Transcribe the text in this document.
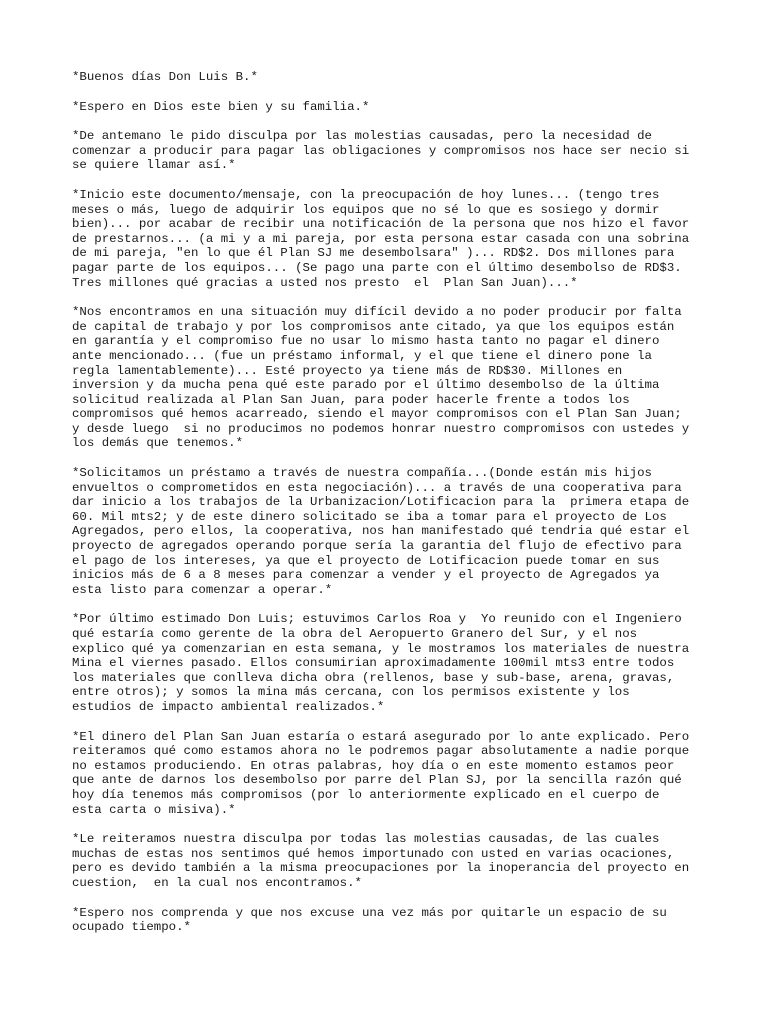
*Buenos días Don Luis B.*

*Espero en Dios este bien y su familia.*

*De antemano le pido disculpa por las molestias causadas, pero la necesidad de
comenzar a producir para pagar las obligaciones y compromisos nos hace ser necio si
se quiere llamar así.*

*Inicio este documento/mensaje, con la preocupación de hoy lunes... (tengo tres
meses o más, luego de adquirir los equipos que no sé lo que es sosiego y dormir
bien)... por acabar de recibir una notificación de la persona que nos hizo el favor
de prestarnos... (a mi y a mi pareja, por esta persona estar casada con una sobrina
de mi pareja, "en lo que él Plan SJ me desembolsara" )... RD$2. Dos millones para
pagar parte de los equipos... (Se pago una parte con el último desembolso de RD$3.
Tres millones qué gracias a usted nos presto  el  Plan San Juan)...*

*Nos encontramos en una situación muy difícil devido a no poder producir por falta
de capital de trabajo y por los compromisos ante citado, ya que los equipos están
en garantía y el compromiso fue no usar lo mismo hasta tanto no pagar el dinero
ante mencionado... (fue un préstamo informal, y el que tiene el dinero pone la
regla lamentablemente)... Esté proyecto ya tiene más de RD$30. Millones en
inversion y da mucha pena qué este parado por el último desembolso de la última
solicitud realizada al Plan San Juan, para poder hacerle frente a todos los
compromisos qué hemos acarreado, siendo el mayor compromisos con el Plan San Juan;
y desde luego  si no producimos no podemos honrar nuestro compromisos con ustedes y
los demás que tenemos.*

*Solicitamos un préstamo a través de nuestra compañía...(Donde están mis hijos
envueltos o comprometidos en esta negociación)... a través de una cooperativa para
dar inicio a los trabajos de la Urbanizacion/Lotificacion para la  primera etapa de
60. Mil mts2; y de este dinero solicitado se iba a tomar para el proyecto de Los
Agregados, pero ellos, la cooperativa, nos han manifestado qué tendria qué estar el
proyecto de agregados operando porque sería la garantia del flujo de efectivo para
el pago de los intereses, ya que el proyecto de Lotificacion puede tomar en sus
inicios más de 6 a 8 meses para comenzar a vender y el proyecto de Agregados ya
esta listo para comenzar a operar.*

*Por último estimado Don Luis; estuvimos Carlos Roa y  Yo reunido con el Ingeniero
qué estaría como gerente de la obra del Aeropuerto Granero del Sur, y el nos
explico qué ya comenzarian en esta semana, y le mostramos los materiales de nuestra
Mina el viernes pasado. Ellos consumirian aproximadamente 100mil mts3 entre todos
los materiales que conlleva dicha obra (rellenos, base y sub-base, arena, gravas,
entre otros); y somos la mina más cercana, con los permisos existente y los
estudios de impacto ambiental realizados.*

*El dinero del Plan San Juan estaría o estará asegurado por lo ante explicado. Pero
reiteramos qué como estamos ahora no le podremos pagar absolutamente a nadie porque
no estamos produciendo. En otras palabras, hoy día o en este momento estamos peor
que ante de darnos los desembolso por parre del Plan SJ, por la sencilla razón qué
hoy día tenemos más compromisos (por lo anteriormente explicado en el cuerpo de
esta carta o misiva).*

*Le reiteramos nuestra disculpa por todas las molestias causadas, de las cuales
muchas de estas nos sentimos qué hemos importunado con usted en varias ocaciones,
pero es devido también a la misma preocupaciones por la inoperancia del proyecto en
cuestion,  en la cual nos encontramos.*

*Espero nos comprenda y que nos excuse una vez más por quitarle un espacio de su
ocupado tiempo.*
